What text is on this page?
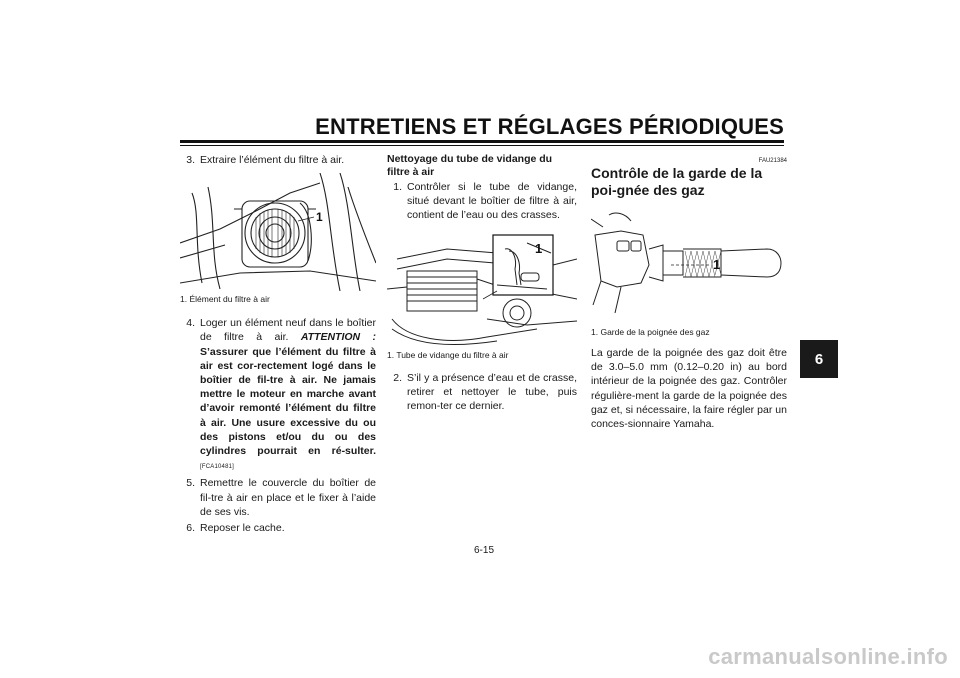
ENTRETIENS ET RÉGLAGES PÉRIODIQUES
6
3. Extraire l’élément du filtre à air.
1
1. Élément du filtre à air
4. Loger un élément neuf dans le boîtier de filtre à air. ATTENTION : S’assurer que l’élément du filtre à air est cor-rectement logé dans le boîtier de fil-tre à air. Ne jamais mettre le moteur en marche avant d’avoir remonté l’élément du filtre à air. Une usure excessive du ou des pistons et/ou du ou des cylindres pourrait en ré-sulter. [FCA10481]
5. Remettre le couvercle du boîtier de fil-tre à air en place et le fixer à l’aide de ses vis.
6. Reposer le cache.
Nettoyage du tube de vidange du filtre à air
1. Contrôler si le tube de vidange, situé devant le boîtier de filtre à air, contient de l’eau ou des crasses.
1
1. Tube de vidange du filtre à air
2. S’il y a présence d’eau et de crasse, retirer et nettoyer le tube, puis remon-ter ce dernier.
FAU21384
Contrôle de la garde de la poi-gnée des gaz
1
1. Garde de la poignée des gaz
La garde de la poignée des gaz doit être de 3.0–5.0 mm (0.12–0.20 in) au bord intérieur de la poignée des gaz. Contrôler régulière-ment la garde de la poignée des gaz et, si nécessaire, la faire régler par un conces-sionnaire Yamaha.
6-15
carmanualsonline.info
